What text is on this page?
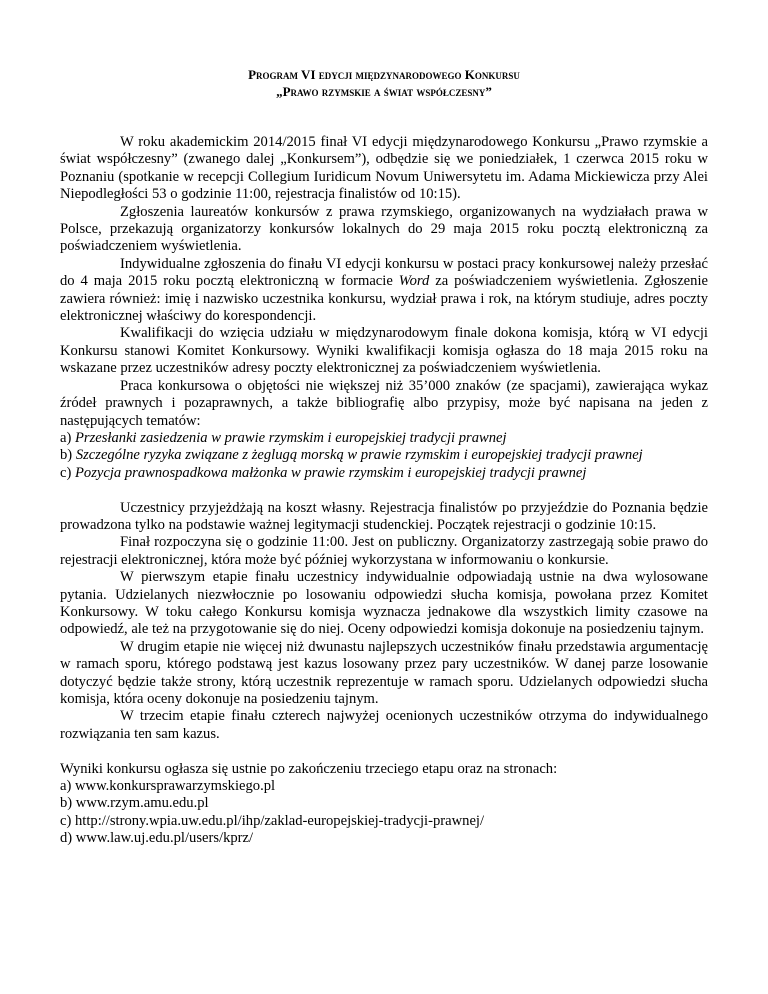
Program VI edycji międzynarodowego Konkursu
„Prawo rzymskie a świat współczesny”

W roku akademickim 2014/2015 finał VI edycji międzynarodowego Konkursu „Prawo rzymskie a świat współczesny” (zwanego dalej „Konkursem”), odbędzie się we poniedziałek, 1 czerwca 2015 roku w Poznaniu (spotkanie w recepcji Collegium Iuridicum Novum Uniwersytetu im. Adama Mickiewicza przy Alei Niepodległości 53 o godzinie 11:00, rejestracja finalistów od 10:15).

Zgłoszenia laureatów konkursów z prawa rzymskiego, organizowanych na wydziałach prawa w Polsce, przekazują organizatorzy konkursów lokalnych do 29 maja 2015 roku pocztą elektroniczną za poświadczeniem wyświetlenia.

Indywidualne zgłoszenia do finału VI edycji konkursu w postaci pracy konkursowej należy przesłać do 4 maja 2015 roku pocztą elektroniczną w formacie Word za poświadczeniem wyświetlenia. Zgłoszenie zawiera również: imię i nazwisko uczestnika konkursu, wydział prawa i rok, na którym studiuje, adres poczty elektronicznej właściwy do korespondencji.

Kwalifikacji do wzięcia udziału w międzynarodowym finale dokona komisja, którą w VI edycji Konkursu stanowi Komitet Konkursowy. Wyniki kwalifikacji komisja ogłasza do 18 maja 2015 roku na wskazane przez uczestników adresy poczty elektronicznej za poświadczeniem wyświetlenia.

Praca konkursowa o objętości nie większej niż 35’000 znaków (ze spacjami), zawierająca wykaz źródeł prawnych i pozaprawnych, a także bibliografię albo przypisy, może być napisana na jeden z następujących tematów:

a) Przesłanki zasiedzenia w prawie rzymskim i europejskiej tradycji prawnej

b) Szczególne ryzyka związane z żeglugą morską w prawie rzymskim i europejskiej tradycji prawnej

c) Pozycja prawnospadkowa małżonka w prawie rzymskim i europejskiej tradycji prawnej

Uczestnicy przyjeżdżają na koszt własny. Rejestracja finalistów po przyjeździe do Poznania będzie prowadzona tylko na podstawie ważnej legitymacji studenckiej. Początek rejestracji o godzinie 10:15.

Finał rozpoczyna się o godzinie 11:00. Jest on publiczny. Organizatorzy zastrzegają sobie prawo do rejestracji elektronicznej, która może być później wykorzystana w informowaniu o konkursie.

W pierwszym etapie finału uczestnicy indywidualnie odpowiadają ustnie na dwa wylosowane pytania. Udzielanych niezwłocznie po losowaniu odpowiedzi słucha komisja, powołana przez Komitet Konkursowy. W toku całego Konkursu komisja wyznacza jednakowe dla wszystkich limity czasowe na odpowiedź, ale też na przygotowanie się do niej. Oceny odpowiedzi komisja dokonuje na posiedzeniu tajnym.

W drugim etapie nie więcej niż dwunastu najlepszych uczestników finału przedstawia argumentację w ramach sporu, którego podstawą jest kazus losowany przez pary uczestników. W danej parze losowanie dotyczyć będzie także strony, którą uczestnik reprezentuje w ramach sporu. Udzielanych odpowiedzi słucha komisja, która oceny dokonuje na posiedzeniu tajnym.

W trzecim etapie finału czterech najwyżej ocenionych uczestników otrzyma do indywidualnego rozwiązania ten sam kazus.

Wyniki konkursu ogłasza się ustnie po zakończeniu trzeciego etapu oraz na stronach:

a) www.konkursprawarzymskiego.pl

b) www.rzym.amu.edu.pl

c) http://strony.wpia.uw.edu.pl/ihp/zaklad-europejskiej-tradycji-prawnej/

d) www.law.uj.edu.pl/users/kprz/
